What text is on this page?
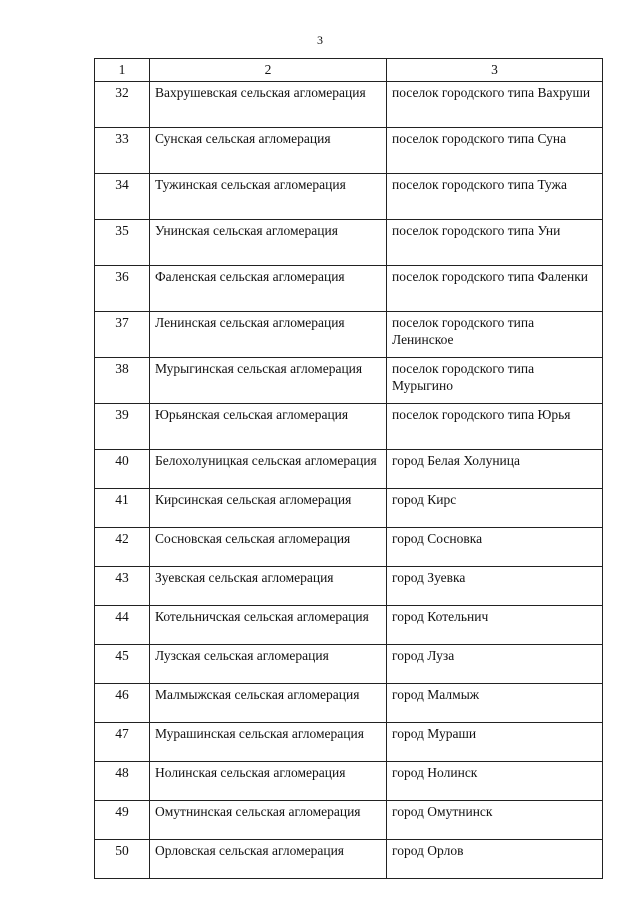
3
1	2	3
32	Вахрушевская сельская агломерация	поселок городского типа Вахруши
33	Сунская сельская агломерация	поселок городского типа Суна
34	Тужинская сельская агломерация	поселок городского типа Тужа
35	Унинская сельская агломерация	поселок городского типа Уни
36	Фаленская сельская агломерация	поселок городского типа Фаленки
37	Ленинская сельская агломерация	поселок городского типа Ленинское
38	Мурыгинская сельская агломерация	поселок городского типа Мурыгино
39	Юрьянская сельская агломерация	поселок городского типа Юрья
40	Белохолуницкая сельская агломерация	город Белая Холуница
41	Кирсинская сельская агломерация	город Кирс
42	Сосновская сельская агломерация	город Сосновка
43	Зуевская сельская агломерация	город Зуевка
44	Котельничская сельская агломерация	город Котельнич
45	Лузская сельская агломерация	город Луза
46	Малмыжская сельская агломерация	город Малмыж
47	Мурашинская сельская агломерация	город Мураши
48	Нолинская сельская агломерация	город Нолинск
49	Омутнинская сельская агломерация	город Омутнинск
50	Орловская сельская агломерация	город Орлов
